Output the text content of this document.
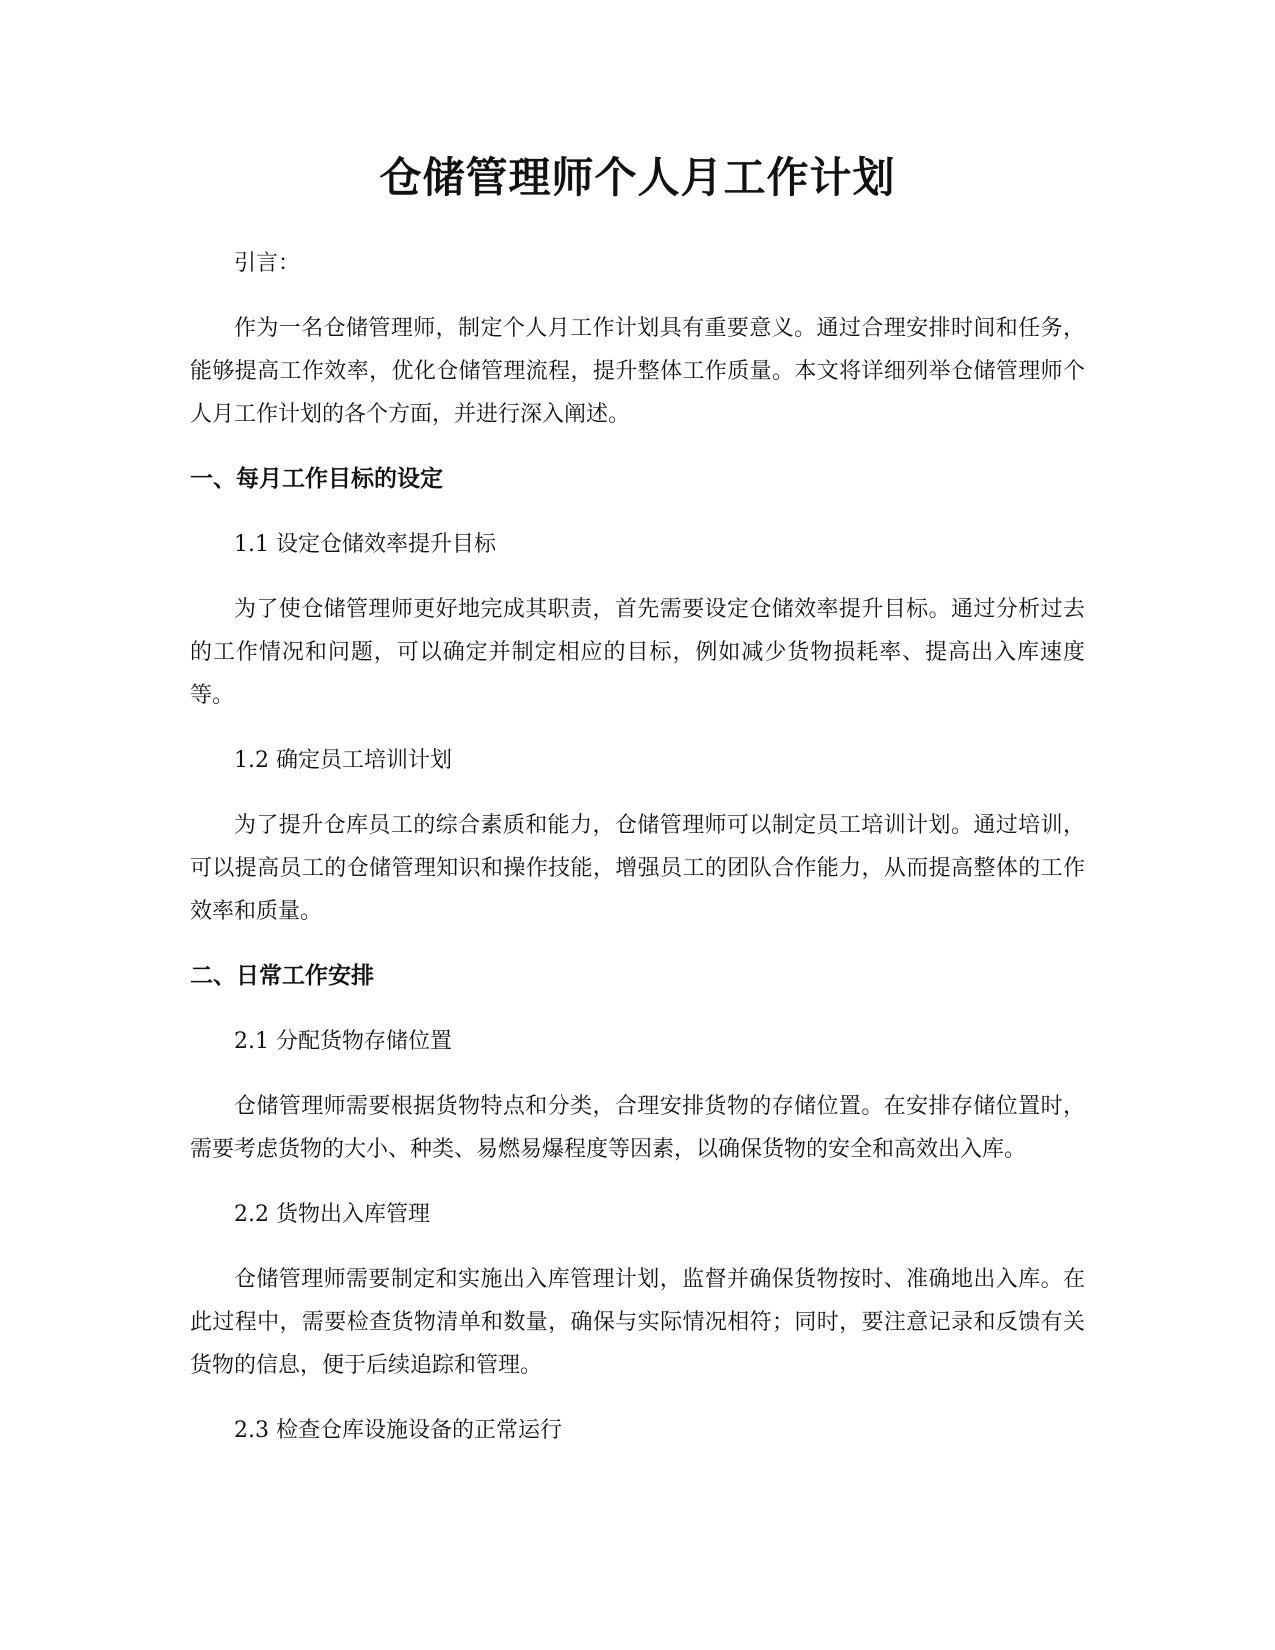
仓储管理师个人月工作计划

引言：

作为一名仓储管理师，制定个人月工作计划具有重要意义。通过合理安排时间和任务，能够提高工作效率，优化仓储管理流程，提升整体工作质量。本文将详细列举仓储管理师个人月工作计划的各个方面，并进行深入阐述。

一、每月工作目标的设定

1.1 设定仓储效率提升目标

为了使仓储管理师更好地完成其职责，首先需要设定仓储效率提升目标。通过分析过去的工作情况和问题，可以确定并制定相应的目标，例如减少货物损耗率、提高出入库速度等。

1.2 确定员工培训计划

为了提升仓库员工的综合素质和能力，仓储管理师可以制定员工培训计划。通过培训，可以提高员工的仓储管理知识和操作技能，增强员工的团队合作能力，从而提高整体的工作效率和质量。

二、日常工作安排

2.1 分配货物存储位置

仓储管理师需要根据货物特点和分类，合理安排货物的存储位置。在安排存储位置时，需要考虑货物的大小、种类、易燃易爆程度等因素，以确保货物的安全和高效出入库。

2.2 货物出入库管理

仓储管理师需要制定和实施出入库管理计划，监督并确保货物按时、准确地出入库。在此过程中，需要检查货物清单和数量，确保与实际情况相符；同时，要注意记录和反馈有关货物的信息，便于后续追踪和管理。

2.3 检查仓库设施设备的正常运行
